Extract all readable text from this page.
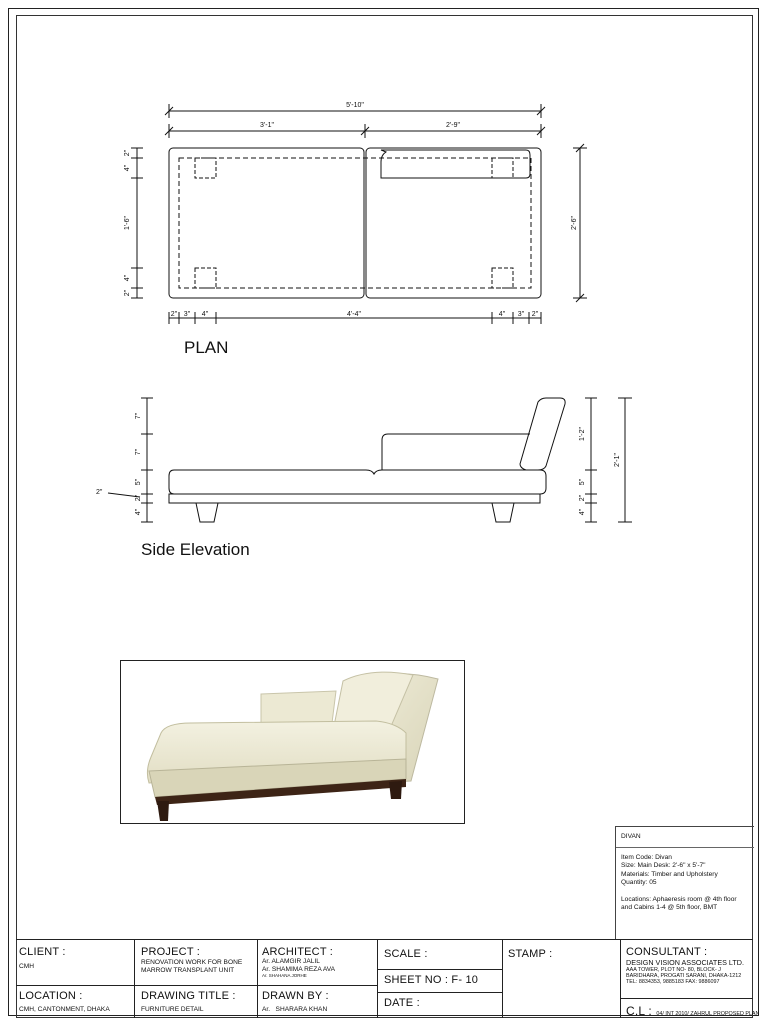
5'-10"
3'-1"	2'-9"
2'-6"
2"
4"
1'-6"
4"
2"
2" 3" 4"	4'-4"	4" 3" 2"
PLAN
7"
7"
5"
2"
4"
2"
1'-2"
5"
2"
4"
2'-1"
Side Elevation
DIVAN
Item Code: Divan
Size: Main Desk: 2'-6" x 5'-7"
Materials: Timber and Upholstery
Quantity: 05
Locations: Aphaeresis room @ 4th floor
and Cabins 1-4 @ 5th floor, BMT
CLIENT :
CMH
LOCATION :
CMH, CANTONMENT, DHAKA
PROJECT :
RENOVATION WORK FOR BONE
MARROW TRANSPLANT UNIT
DRAWING TITLE :
FURNITURE DETAIL
ARCHITECT :
Ar. ALAMGIR JALIL
Ar. SHAMIMA REZA AVA
Ar. SHAHANA JORHE
DRAWN BY :
Ar.   SHARARA KHAN
SCALE :
SHEET NO : F- 10
DATE :
STAMP :	CONSULTANT :
DESIGN VISION ASSOCIATES LTD.
AAA TOWER, PLOT NO- 80, BLOCK- J
BARIDHARA, PROGATI SARANI, DHAKA-1212
TEL: 8834353, 9885183 FAX: 9886097
C.L : 04/ INT 2010/ ZAHRUL PROPOSED PLAN
